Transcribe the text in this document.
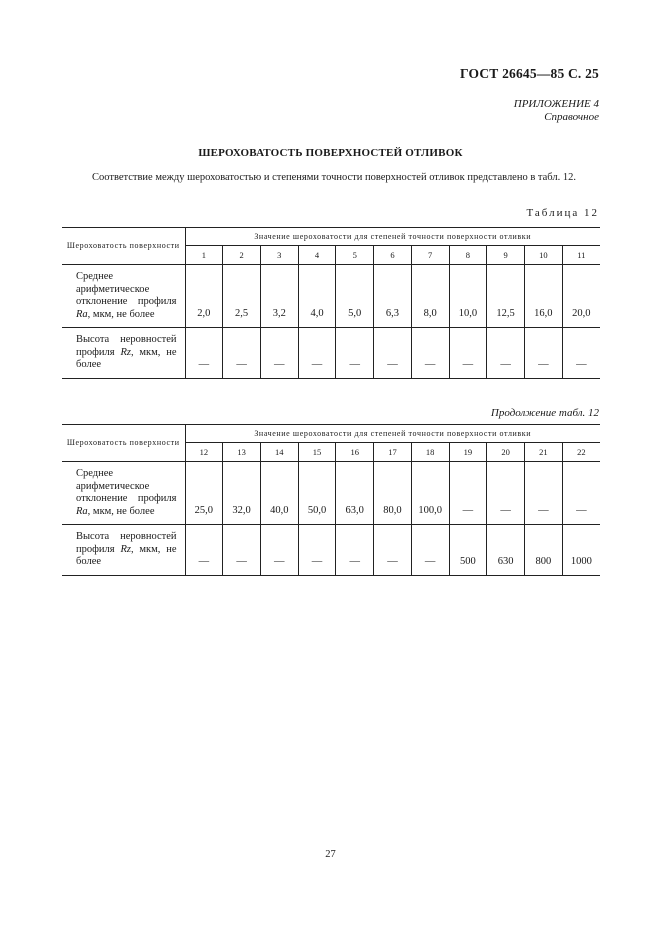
ГОСТ 26645—85 С. 25
ПРИЛОЖЕНИЕ 4
Справочное
ШЕРОХОВАТОСТЬ ПОВЕРХНОСТЕЙ ОТЛИВОК
Соответствие между шероховатостью и степенями точности поверхностей отливок представлено в табл. 12.
Таблица 12
Шероховатость поверхности	Значение шероховатости для степеней точности поверхности отливки										
	1	2	3	4	5	6	7	8	9	10	11
Среднее арифметическое отклонение профиля Ra, мкм, не более	2,0	2,5	3,2	4,0	5,0	6,3	8,0	10,0	12,5	16,0	20,0
Высота неровностей профиля Rz, мкм, не более	—	—	—	—	—	—	—	—	—	—	—
Продолжение табл. 12
Шероховатость поверхности	Значение шероховатости для степеней точности поверхности отливки										
	12	13	14	15	16	17	18	19	20	21	22
Среднее арифметическое отклонение профиля Ra, мкм, не более	25,0	32,0	40,0	50,0	63,0	80,0	100,0	—	—	—	—
Высота неровностей профиля Rz, мкм, не более	—	—	—	—	—	—	—	500	630	800	1000
27
